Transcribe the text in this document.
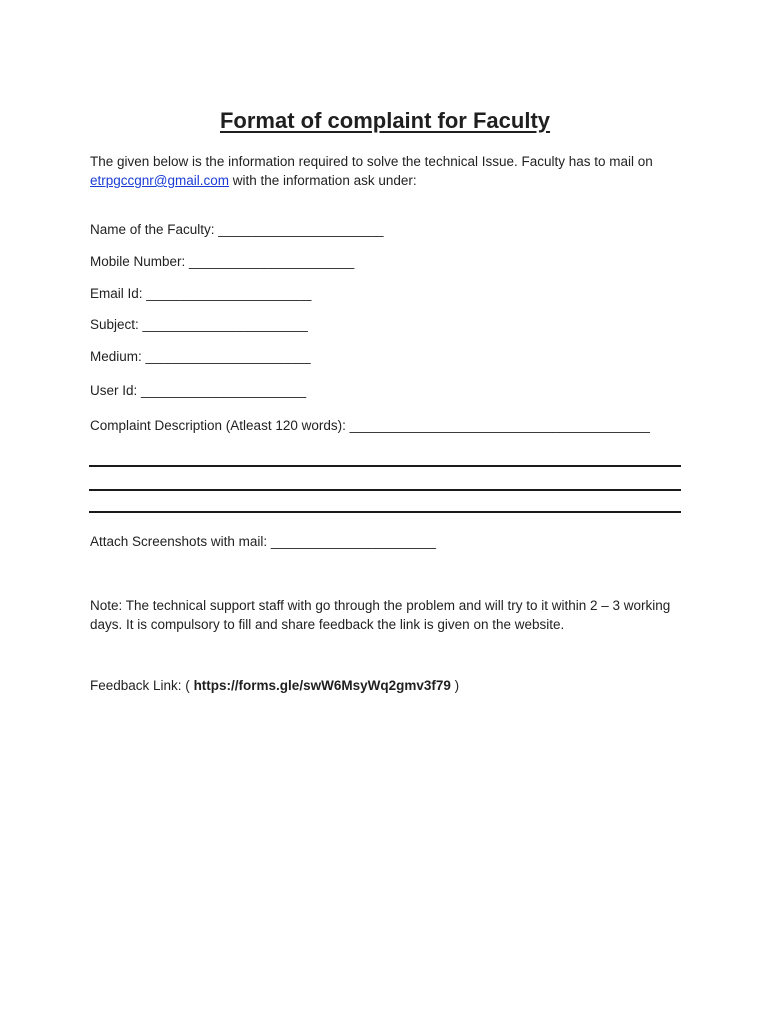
Format of complaint for Faculty
The given below is the information required to solve the technical Issue. Faculty has to mail on etrpgccgnr@gmail.com with the information ask under:
Name of the Faculty: ______________________
Mobile Number: ______________________
Email Id: ______________________
Subject: ______________________
Medium: ______________________
User Id: ______________________
Complaint Description (Atleast 120 words): ________________________________________
Attach Screenshots with mail: ______________________
Note: The technical support staff with go through the problem and will try to it within 2 – 3 working days. It is compulsory to fill and share feedback the link is given on the website.
Feedback Link: ( https://forms.gle/swW6MsyWq2gmv3f79 )
